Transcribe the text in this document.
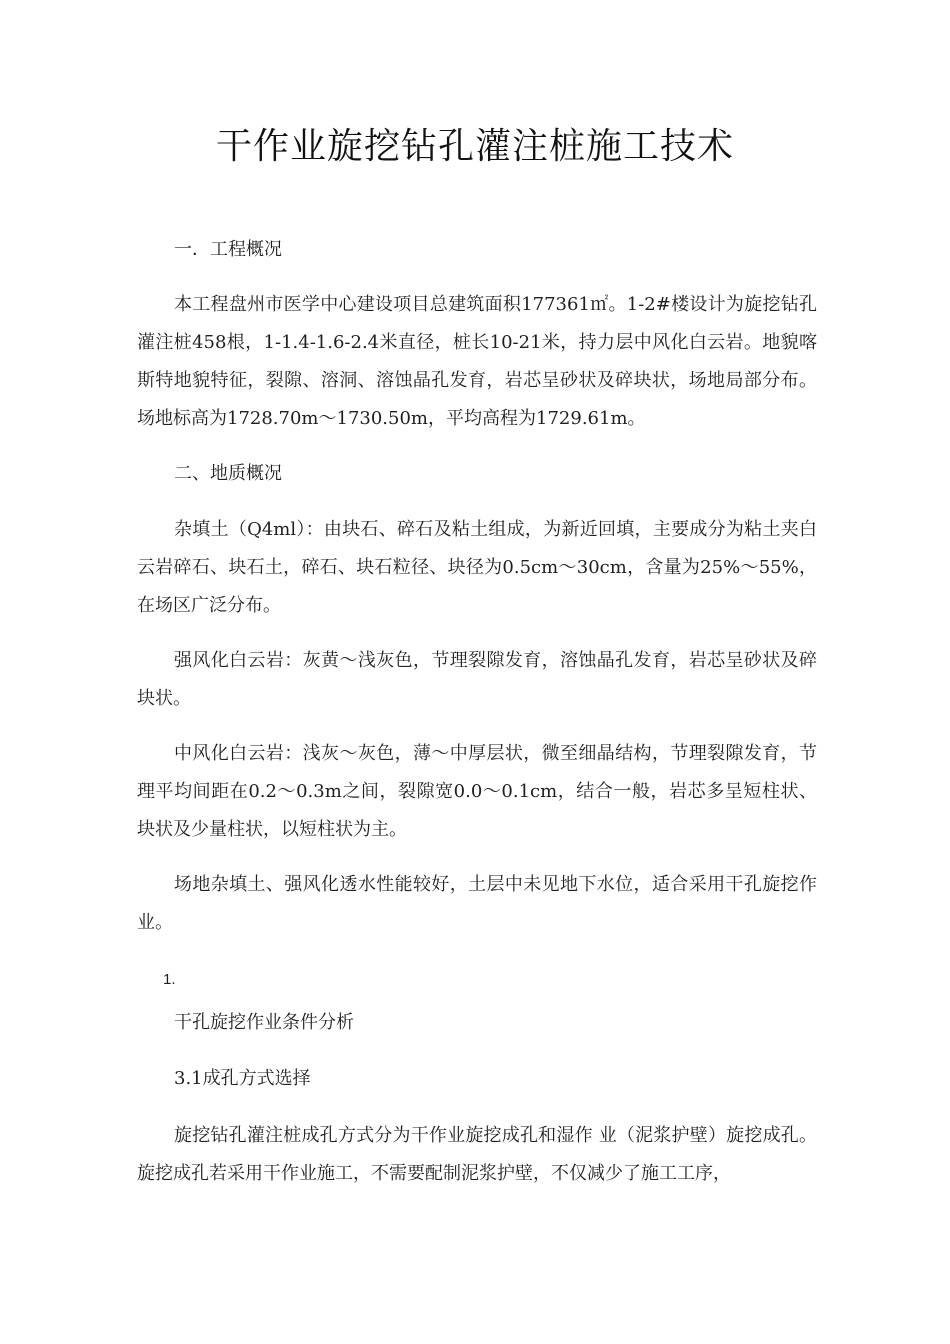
干作业旋挖钻孔灌注桩施工技术
一．工程概况
本工程盘州市医学中心建设项目总建筑面积177361㎡。1-2#楼设计为旋挖钻孔灌注桩458根，1-1.4-1.6-2.4米直径，桩长10-21米，持力层中风化白云岩。地貌喀斯特地貌特征，裂隙、溶洞、溶蚀晶孔发育，岩芯呈砂状及碎块状，场地局部分布。场地标高为1728.70m～1730.50m，平均高程为1729.61m。
二、地质概况
杂填土（Q4ml）：由块石、碎石及粘土组成，为新近回填，主要成分为粘土夹白云岩碎石、块石土，碎石、块石粒径、块径为0.5cm～30cm，含量为25%～55%，在场区广泛分布。
强风化白云岩：灰黄～浅灰色，节理裂隙发育，溶蚀晶孔发育，岩芯呈砂状及碎块状。
中风化白云岩：浅灰～灰色，薄～中厚层状，微至细晶结构，节理裂隙发育，节理平均间距在0.2～0.3m之间，裂隙宽0.0～0.1cm，结合一般，岩芯多呈短柱状、块状及少量柱状，以短柱状为主。
场地杂填土、强风化透水性能较好，土层中未见地下水位，适合采用干孔旋挖作业。
1.
干孔旋挖作业条件分析
3.1成孔方式选择
旋挖钻孔灌注桩成孔方式分为干作业旋挖成孔和湿作 业（泥浆护壁）旋挖成孔。旋挖成孔若采用干作业施工，不需要配制泥浆护壁，不仅减少了施工工序，
